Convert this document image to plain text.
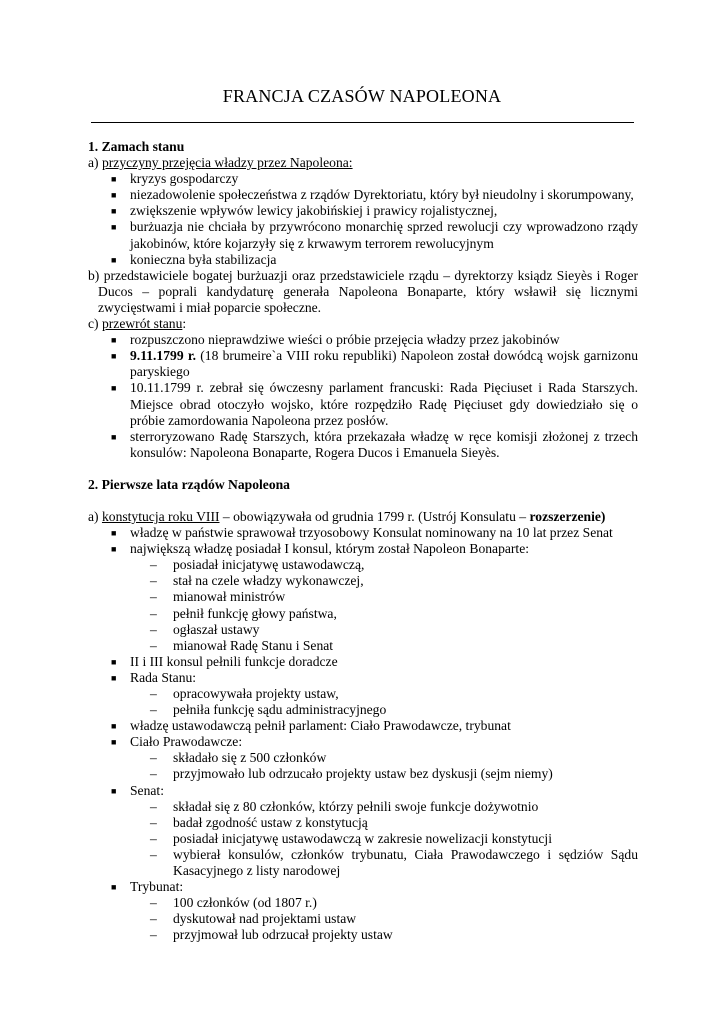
FRANCJA CZASÓW NAPOLEONA
1. Zamach stanu
a) przyczyny przejęcia władzy przez Napoleona:
■ kryzys gospodarczy
■ niezadowolenie społeczeństwa z rządów Dyrektoriatu, który był nieudolny i skorumpowany,
■ zwiększenie wpływów lewicy jakobińskiej i prawicy rojalistycznej,
■ burżuazja nie chciała by przywrócono monarchię sprzed rewolucji czy wprowadzono rządy jakobinów, które kojarzyły się z krwawym terrorem rewolucyjnym
■ konieczna była stabilizacja
b) przedstawiciele bogatej burżuazji oraz przedstawiciele rządu – dyrektorzy ksiądz Sieyès i Roger Ducos – poprali kandydaturę generała Napoleona Bonaparte, który wsławił się licznymi zwycięstwami i miał poparcie społeczne.
c) przewrót stanu:
■ rozpuszczono nieprawdziwe wieści o próbie przejęcia władzy przez jakobinów
■ 9.11.1799 r. (18 brumeire`a VIII roku republiki) Napoleon został dowódcą wojsk garnizonu paryskiego
■ 10.11.1799 r. zebrał się ówczesny parlament francuski: Rada Pięciuset i Rada Starszych. Miejsce obrad otoczyło wojsko, które rozpędziło Radę Pięciuset gdy dowiedziało się o próbie zamordowania Napoleona przez posłów.
■ sterroryzowano Radę Starszych, która przekazała władzę w ręce komisji złożonej z trzech konsulów: Napoleona Bonaparte, Rogera Ducos i Emanuela Sieyès.
2. Pierwsze lata rządów Napoleona
a) konstytucja roku VIII – obowiązywała od grudnia 1799 r. (Ustrój Konsulatu – rozszerzenie)
■ władzę w państwie sprawował trzyosobowy Konsulat nominowany na 10 lat przez Senat
■ największą władzę posiadał I konsul, którym został Napoleon Bonaparte:
– posiadał inicjatywę ustawodawczą,
– stał na czele władzy wykonawczej,
– mianował ministrów
– pełnił funkcję głowy państwa,
– ogłaszał ustawy
– mianował Radę Stanu i Senat
■ II i III konsul pełnili funkcje doradcze
■ Rada Stanu:
– opracowywała projekty ustaw,
– pełniła funkcję sądu administracyjnego
■ władzę ustawodawczą pełnił parlament: Ciało Prawodawcze, trybunat
■ Ciało Prawodawcze:
– składało się z 500 członków
– przyjmowało lub odrzucało projekty ustaw bez dyskusji (sejm niemy)
■ Senat:
– składał się z 80 członków, którzy pełnili swoje funkcje dożywotnio
– badał zgodność ustaw z konstytucją
– posiadał inicjatywę ustawodawczą w zakresie nowelizacji konstytucji
– wybierał konsulów, członków trybunatu, Ciała Prawodawczego i sędziów Sądu Kasacyjnego z listy narodowej
■ Trybunat:
– 100 członków (od 1807 r.)
– dyskutował nad projektami ustaw
– przyjmował lub odrzucał projekty ustaw
